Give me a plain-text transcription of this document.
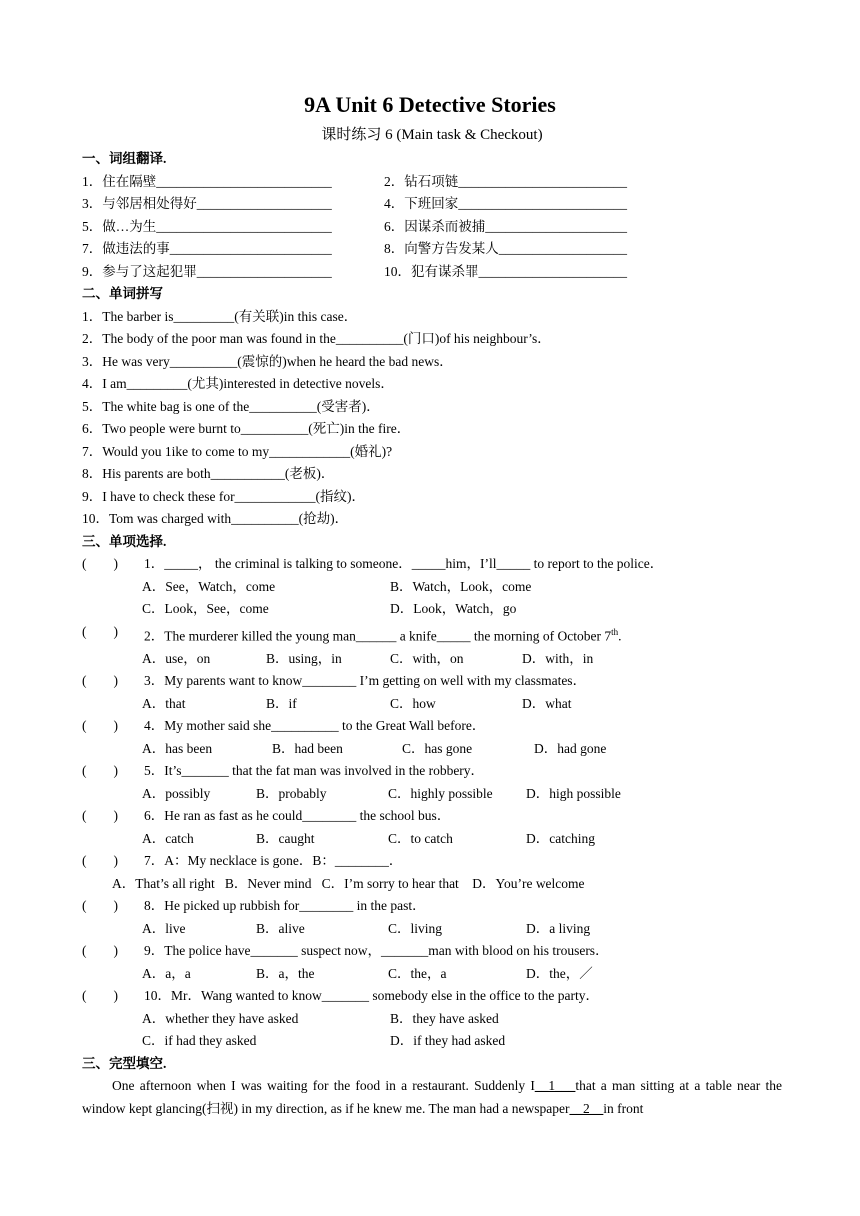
9A Unit 6 Detective Stories
课时练习 6 (Main task & Checkout)
一、词组翻译.
1．住在隔壁__________________________	2．钻石项链_________________________
3．与邻居相处得好____________________	4．下班回家_________________________
5．做…为生__________________________	6．因谋杀而被捕_____________________
7．做违法的事________________________	8．向警方告发某人___________________
9．参与了这起犯罪____________________	10．犯有谋杀罪______________________
二、单词拼写
1．The barber is_________(有关联)in this case．
2．The body of the poor man was found in the__________(门口)of his neighbour’s．
3．He was very__________(震惊的)when he heard the bad news．
4．I am_________(尤其)interested in detective novels．
5．The white bag is one of the__________(受害者)．
6．Two people were burnt to__________(死亡)in the fire．
7．Would you 1ike to come to my____________(婚礼)?
8．His parents are both___________(老板)．
9．I have to check these for____________(指纹)．
10．Tom was charged with__________(抢劫)．
三、单项选择.
(        )	1．_____， the criminal is talking to someone．_____him，I’ll_____ to report to the police．
A．See，Watch，come	B．Watch，Look，come
C．Look，See，come	D．Look，Watch，go
(        )	2．The murderer killed the young man______ a knife_____ the morning of October 7th.
A．use，on	B．using，in	C．with，on	D．with，in
(        )	3．My parents want to know________ I’m getting on well with my classmates．
A．that	B．if	C．how	D．what
(        )	4．My mother said she__________ to the Great Wall before．
A．has been	B．had been	C．has gone	D．had gone
(        )	5．It’s_______ that the fat man was involved in the robbery．
A．possibly	B．probably	C．highly possible	D．high possible
(        )	6．He ran as fast as he could________ the school bus．
A．catch	B．caught	C．to catch	D．catching
(        )	7．A：My necklace is gone．B：________．
A．That’s all right   B．Never mind   C．I’m sorry to hear that    D．You’re welcome
(        )	8．He picked up rubbish for________ in the past．
A．live	B．alive	C．living	D．a living
(        )	9．The police have_______ suspect now，_______man with blood on his trousers．
A．a，a	B．a，the	C．the，a	D．the，／
(        )	10．Mr．Wang wanted to know_______ somebody else in the office to the party．
A．whether they have asked	B．they have asked
C．if had they asked	D．if they had asked
三、完型填空.
One afternoon when I was waiting for the food in a restaurant. Suddenly I__1___that a man sitting at a table near the window kept glancing(扫视) in my direction, as if he knew me. The man had a newspaper__2__in front
